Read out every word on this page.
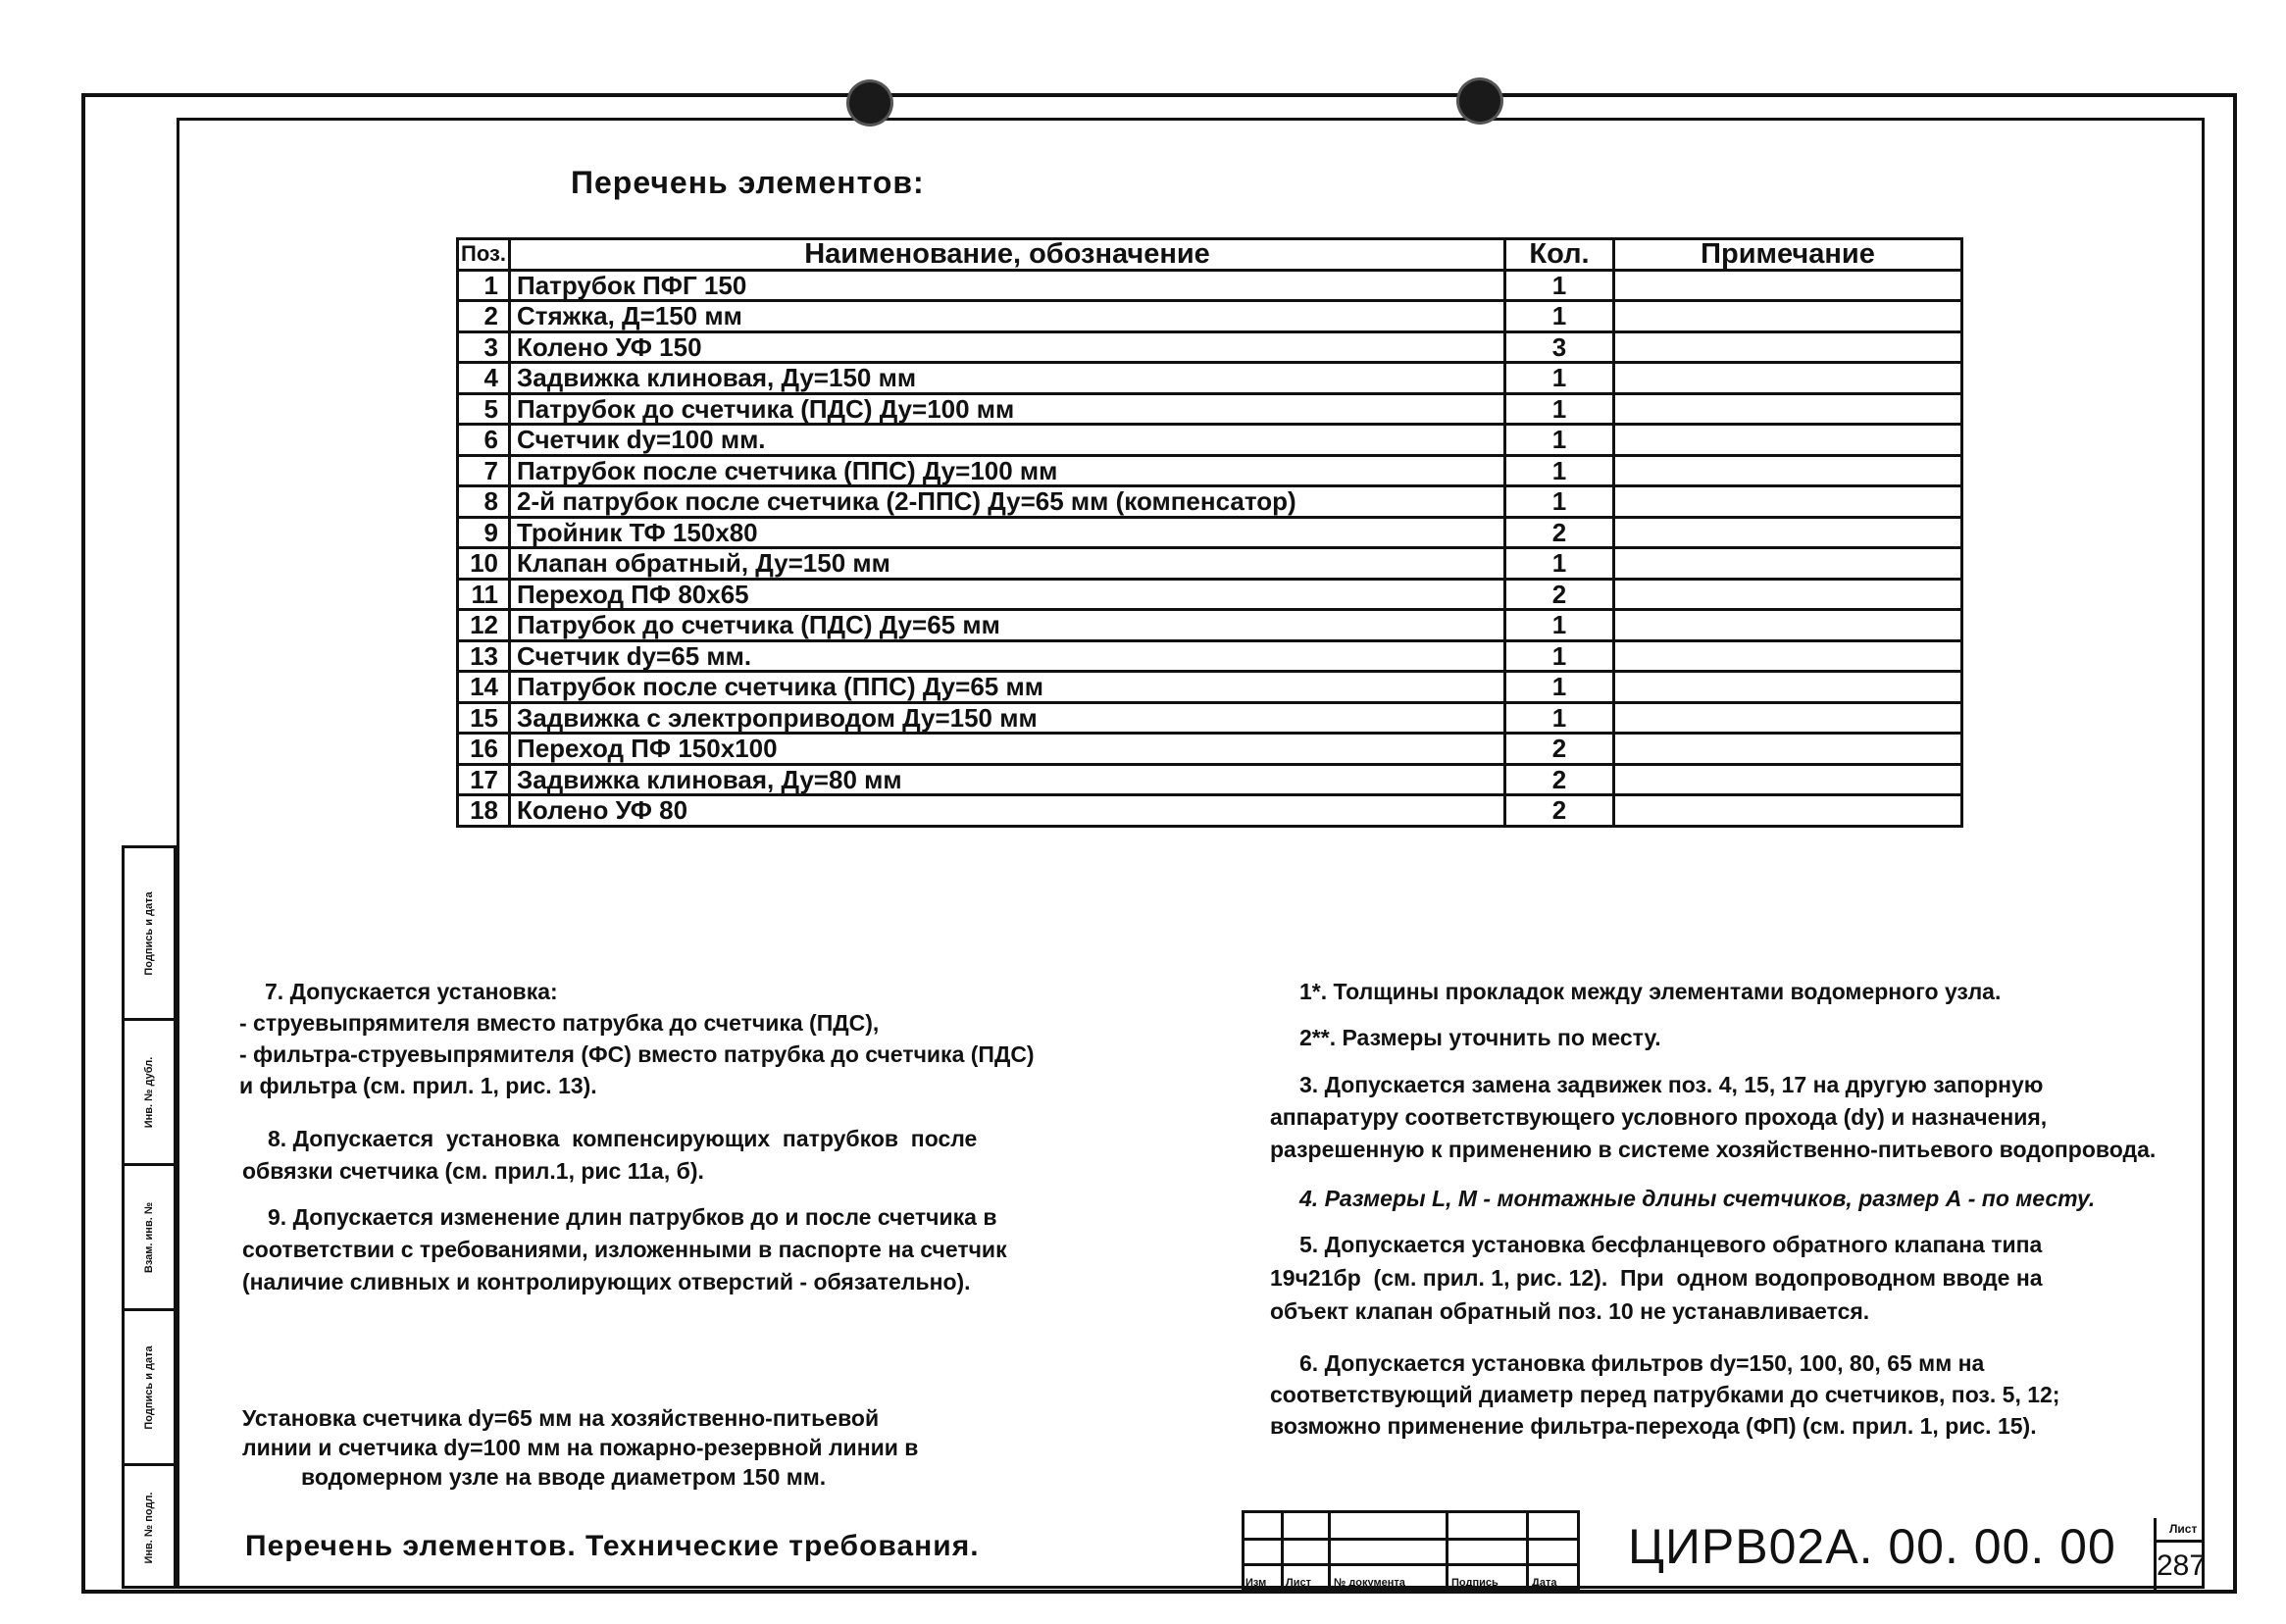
Подпись и дата
Инв. № дубл.
Взам. инв. №
Подпись и дата
Инв. № подл.
Перечень элементов:
Поз.	Наименование, обозначение	Кол.	Примечание
1	Патрубок ПФГ 150	1	
2	Стяжка, Д=150 мм	1	
3	Колено УФ 150	3	
4	Задвижка клиновая, Ду=150 мм	1	
5	Патрубок до счетчика (ПДС) Ду=100 мм	1	
6	Счетчик dy=100 мм.	1	
7	Патрубок после счетчика (ППС) Ду=100 мм	1	
8	2-й патрубок после счетчика (2-ППС) Ду=65 мм (компенсатор)	1	
9	Тройник ТФ 150х80	2	
10	Клапан обратный, Ду=150 мм	1	
11	Переход ПФ 80х65	2	
12	Патрубок до счетчика (ПДС) Ду=65 мм	1	
13	Счетчик dy=65 мм.	1	
14	Патрубок после счетчика (ППС) Ду=65 мм	1	
15	Задвижка с электроприводом Ду=150 мм	1	
16	Переход ПФ 150х100	2	
17	Задвижка клиновая, Ду=80 мм	2	
18	Колено УФ 80	2	
7. Допускается установка:
- струевыпрямителя вместо патрубка до счетчика (ПДС),
- фильтра-струевыпрямителя (ФС) вместо патрубка до счетчика (ПДС)
и фильтра (см. прил. 1, рис. 13).
8. Допускается  установка  компенсирующих  патрубков  после
обвязки счетчика (см. прил.1, рис 11а, б).
9. Допускается изменение длин патрубков до и после счетчика в
соответствии с требованиями, изложенными в паспорте на счетчик
(наличие сливных и контролирующих отверстий - обязательно).
Установка счетчика dy=65 мм на хозяйственно-питьевой
линии и счетчика dy=100 мм на пожарно-резервной линии в
водомерном узле на вводе диаметром 150 мм.
1*. Толщины прокладок между элементами водомерного узла.
2**. Размеры уточнить по месту.
3. Допускается замена задвижек поз. 4, 15, 17 на другую запорную
аппаратуру соответствующего условного прохода (dy) и назначения,
разрешенную к применению в системе хозяйственно-питьевого водопровода.
4. Размеры L, M - монтажные длины счетчиков, размер А - по месту.
5. Допускается установка бесфланцевого обратного клапана типа
19ч21бр  (см. прил. 1, рис. 12).  При  одном водопроводном вводе на
объект клапан обратный поз. 10 не устанавливается.
6. Допускается установка фильтров dy=150, 100, 80, 65 мм на
соответствующий диаметр перед патрубками до счетчиков, поз. 5, 12;
возможно применение фильтра-перехода (ФП) (см. прил. 1, рис. 15).
Перечень элементов. Технические требования.
Изм Лист № документа	Подпись	Дата
ЦИРВ02А. 00. 00. 00	Лист
287
